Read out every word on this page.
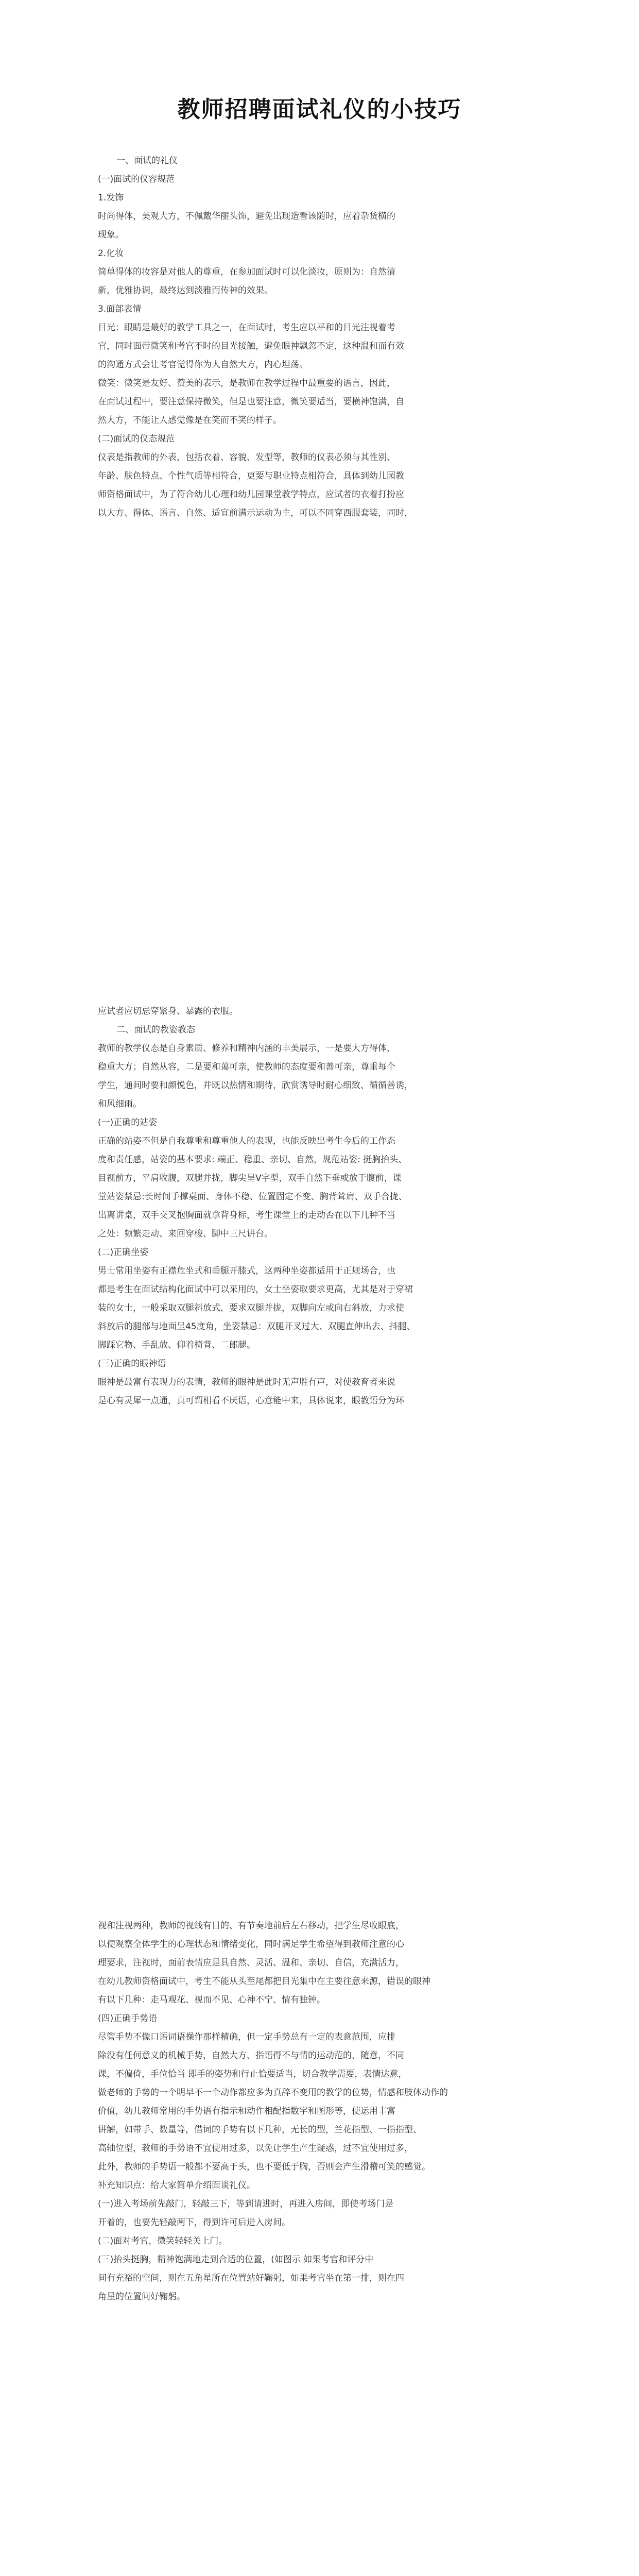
教师招聘面试礼仪的小技巧
一、面试的礼仪
(一)面试的仪容规范
1.发饰
时尚得体，美观大方，不佩戴华丽头饰，避免出现造看该随时，应着杂货横的
现象。
2.化妆
简单得体的妆容是对他人的尊重，在参加面试时可以化淡妆，原则为：自然清
新，优雅协调，最终达到淡雅而传神的效果。
3.面部表情
目光：眼睛是最好的教学工具之一，在面试时，考生应以平和的目光注视着考
官，同时面带微笑和考官不时的目光接触，避免眼神飘忽不定，这种温和而有效
的沟通方式会让考官觉得你为人自然大方，内心坦荡。
微笑：微笑是友好、赞美的表示，是教师在教学过程中最重要的语言，因此，
在面试过程中，要注意保持微笑，但是也要注意，微笑要适当，要横神饱满，自
然大方，不能让人感觉像是在笑而不笑的样子。
(二)面试的仪态规范
仪表是指教师的外表，包括衣着、容貌、发型等，教师的仪表必须与其性别、
年龄、肤色特点、个性气质等相符合，更要与职业特点相符合，具体到幼儿园教
师资格面试中，为了符合幼儿心理和幼儿园课堂教学特点，应试者的衣着打扮应
以大方、得体、语言、自然、适宜前满示运动为主，可以不同穿西服套装，同时，
应试者应切忌穿紧身、暴露的衣服。
二、面试的教姿教态
教师的教学仪态是自身素质、修养和精神内涵的丰美展示，一是要大方得体，
稳重大方；自然从容，二是要和蔼可亲，使教师的态度要和善可亲，尊重每个
学生，通间时要和颜悦色，并既以热情和期待，欣赏诱导时耐心细致、循循善诱，
和风细雨。
(一)正确的站姿
正确的站姿不但是自我尊重和尊重他人的表现，也能反映出考生今后的工作态
度和责任感，站姿的基本要求: 端正、稳重、亲切、自然，规范站姿: 挺胸抬头、
目视前方，平肩收腹，双腿并拢，脚尖呈V字型，双手自然下垂或放于腹前，课
堂站姿禁忌:长时间手撑桌面、身体不稳、位置固定不变、胸背耸肩、双手合拢、
出离讲桌，双手交叉抱胸面就拿背身标，考生课堂上的走动否在以下几种不当
之处：频繁走动、来回穿梭、脚中三尺讲台。
(二)正确坐姿
男士常用坐姿有正襟危坐式和垂腿开膝式，这两种坐姿都适用于正规场合，也
都是考生在面试结构化面试中可以采用的，女士坐姿取要求更高，尤其是对于穿裙
装的女士，一般采取双腿斜放式，要求双腿并拢，双脚向左或向右斜放，力求使
斜放后的腿部与地面呈45度角，坐姿禁忌：双腿开叉过大、双腿直伸出去、抖腿、
脚踩它物、手乱放、仰着椅背、二郎腿。
(三)正确的眼神语
眼神是最富有表现力的表情，教师的眼神是此时无声胜有声，对使教育者来说
是心有灵犀一点通，真可谓相看不厌语，心意能中来，具体说来，眼教语分为环
视和注视两种，教师的视线有目的、有节奏地前后左右移动，把学生尽收眼底，
以便观察全体学生的心理状态和情绪变化，同时满足学生希望得到教师注意的心
理要求，注视时，面前表情应是具自然、灵活、温和、亲切、自信，充满活力，
在幼儿教师资格面试中，考生不能从头至尾都把目光集中在主要往意来源，错误的眼神
有以下几种：走马观花、视而不见、心神不宁、情有独钟。
(四)正确手势语
尽管手势不像口语词语操作那样精确，但一定手势总有一定的表意范围，应排
除没有任何意义的机械手势，自然大方、指语得不与情的运动范的，随意，不同
课，不偏倚，手位恰当 即手的姿势和行止恰要适当，切合教学需要，表情达意，
做老师的手势的一个明早不一个动作都应多为真辞不变用的教学的位势，情感和肢体动作的
价值，幼儿教师常用的手势语有指示和动作相配指数字和图形等，使运用丰富
讲解，如带手、数量等，借词的手势有以下几种，无长的型，兰花指型、一指指型、
高轴位型，教师的手势语不宜使用过多，以免让学生产生疑惑，过不宜使用过多，
此外，教师的手势语一般都不要高于头，也不要低于胸，否则会产生滑稽可笑的感觉。
补充知识点：给大家简单介绍面谈礼仪。
(一)进入考场前先敲门，轻敲三下，等到请进时，再进入房间，即使考场门是
开着的，也要先轻敲两下，得到许可后进入房间。
(二)面对考官，微笑轻轻关上门。
(三)抬头挺胸，精神饱满地走到合适的位置，(如图示 如果考官和评分中
间有充裕的空间，则在五角星所在位置站好鞠躬，如果考官坐在第一排，则在四
角星的位置问好鞠躬。
